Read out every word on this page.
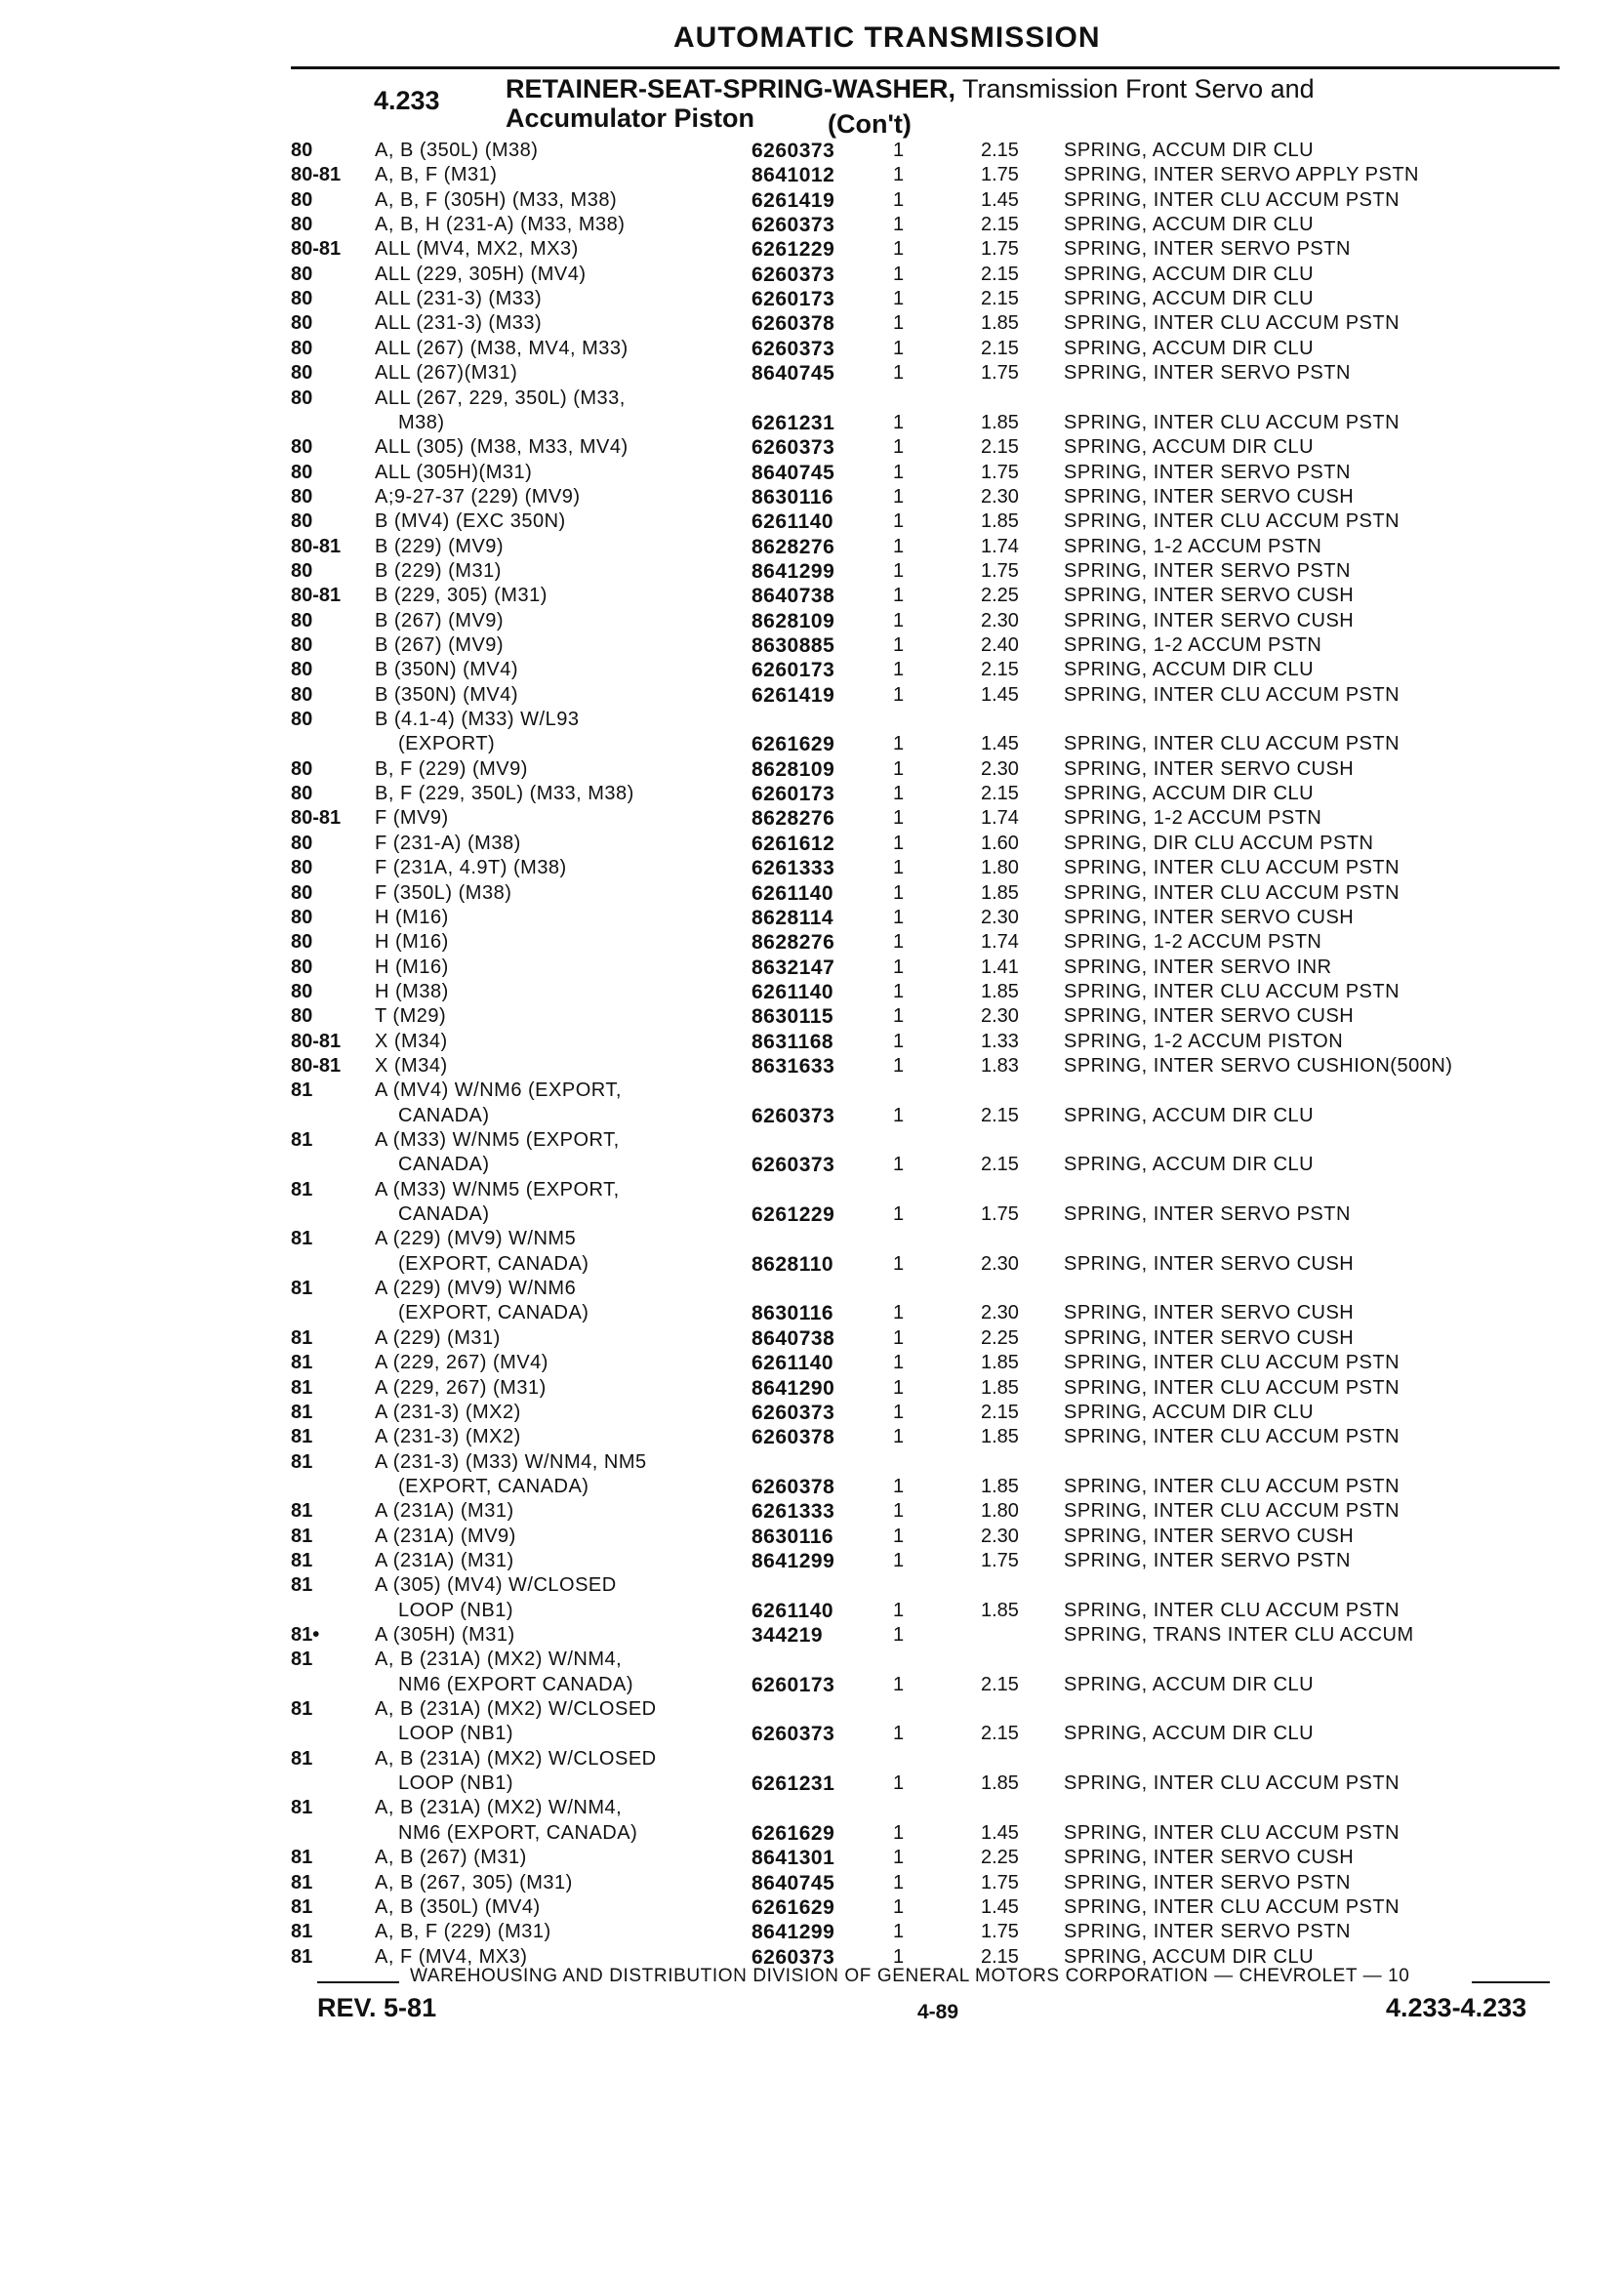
AUTOMATIC TRANSMISSION
4.233 RETAINER-SEAT-SPRING-WASHER, Transmission Front Servo and
Accumulator Piston	(Con't)
80	A, B (350L) (M38)	6260373	1	2.15	SPRING, ACCUM DIR CLU
80-81	A, B, F (M31)	8641012	1	1.75	SPRING, INTER SERVO APPLY PSTN
80	A, B, F (305H) (M33, M38)	6261419	1	1.45	SPRING, INTER CLU ACCUM PSTN
80	A, B, H (231-A) (M33, M38)	6260373	1	2.15	SPRING, ACCUM DIR CLU
80-81	ALL (MV4, MX2, MX3)	6261229	1	1.75	SPRING, INTER SERVO PSTN
80	ALL (229, 305H) (MV4)	6260373	1	2.15	SPRING, ACCUM DIR CLU
80	ALL (231-3) (M33)	6260173	1	2.15	SPRING, ACCUM DIR CLU
80	ALL (231-3) (M33)	6260378	1	1.85	SPRING, INTER CLU ACCUM PSTN
80	ALL (267) (M38, MV4, M33)	6260373	1	2.15	SPRING, ACCUM DIR CLU
80	ALL (267)(M31)	8640745	1	1.75	SPRING, INTER SERVO PSTN
80	ALL (267, 229, 350L) (M33,
M38)	6261231	1	1.85	SPRING, INTER CLU ACCUM PSTN
80	ALL (305) (M38, M33, MV4)	6260373	1	2.15	SPRING, ACCUM DIR CLU
80	ALL (305H)(M31)	8640745	1	1.75	SPRING, INTER SERVO PSTN
80	A;9-27-37 (229) (MV9)	8630116	1	2.30	SPRING, INTER SERVO CUSH
80	B (MV4) (EXC 350N)	6261140	1	1.85	SPRING, INTER CLU ACCUM PSTN
80-81	B (229) (MV9)	8628276	1	1.74	SPRING, 1-2 ACCUM PSTN
80	B (229) (M31)	8641299	1	1.75	SPRING, INTER SERVO PSTN
80-81	B (229, 305) (M31)	8640738	1	2.25	SPRING, INTER SERVO CUSH
80	B (267) (MV9)	8628109	1	2.30	SPRING, INTER SERVO CUSH
80	B (267) (MV9)	8630885	1	2.40	SPRING, 1-2 ACCUM PSTN
80	B (350N) (MV4)	6260173	1	2.15	SPRING, ACCUM DIR CLU
80	B (350N) (MV4)	6261419	1	1.45	SPRING, INTER CLU ACCUM PSTN
80	B (4.1-4) (M33) W/L93
(EXPORT)	6261629	1	1.45	SPRING, INTER CLU ACCUM PSTN
80	B, F (229) (MV9)	8628109	1	2.30	SPRING, INTER SERVO CUSH
80	B, F (229, 350L) (M33, M38)	6260173	1	2.15	SPRING, ACCUM DIR CLU
80-81	F (MV9)	8628276	1	1.74	SPRING, 1-2 ACCUM PSTN
80	F (231-A) (M38)	6261612	1	1.60	SPRING, DIR CLU ACCUM PSTN
80	F (231A, 4.9T) (M38)	6261333	1	1.80	SPRING, INTER CLU ACCUM PSTN
80	F (350L) (M38)	6261140	1	1.85	SPRING, INTER CLU ACCUM PSTN
80	H (M16)	8628114	1	2.30	SPRING, INTER SERVO CUSH
80	H (M16)	8628276	1	1.74	SPRING, 1-2 ACCUM PSTN
80	H (M16)	8632147	1	1.41	SPRING, INTER SERVO INR
80	H (M38)	6261140	1	1.85	SPRING, INTER CLU ACCUM PSTN
80	T (M29)	8630115	1	2.30	SPRING, INTER SERVO CUSH
80-81	X (M34)	8631168	1	1.33	SPRING, 1-2 ACCUM PISTON
80-81	X (M34)	8631633	1	1.83	SPRING, INTER SERVO CUSHION(500N)
81	A (MV4) W/NM6 (EXPORT,
CANADA)	6260373	1	2.15	SPRING, ACCUM DIR CLU
81	A (M33) W/NM5 (EXPORT,
CANADA)	6260373	1	2.15	SPRING, ACCUM DIR CLU
81	A (M33) W/NM5 (EXPORT,
CANADA)	6261229	1	1.75	SPRING, INTER SERVO PSTN
81	A (229) (MV9) W/NM5
(EXPORT, CANADA)	8628110	1	2.30	SPRING, INTER SERVO CUSH
81	A (229) (MV9) W/NM6
(EXPORT, CANADA)	8630116	1	2.30	SPRING, INTER SERVO CUSH
81	A (229) (M31)	8640738	1	2.25	SPRING, INTER SERVO CUSH
81	A (229, 267) (MV4)	6261140	1	1.85	SPRING, INTER CLU ACCUM PSTN
81	A (229, 267) (M31)	8641290	1	1.85	SPRING, INTER CLU ACCUM PSTN
81	A (231-3) (MX2)	6260373	1	2.15	SPRING, ACCUM DIR CLU
81	A (231-3) (MX2)	6260378	1	1.85	SPRING, INTER CLU ACCUM PSTN
81	A (231-3) (M33) W/NM4, NM5
(EXPORT, CANADA)	6260378	1	1.85	SPRING, INTER CLU ACCUM PSTN
81	A (231A) (M31)	6261333	1	1.80	SPRING, INTER CLU ACCUM PSTN
81	A (231A) (MV9)	8630116	1	2.30	SPRING, INTER SERVO CUSH
81	A (231A) (M31)	8641299	1	1.75	SPRING, INTER SERVO PSTN
81	A (305) (MV4) W/CLOSED
LOOP (NB1)	6261140	1	1.85	SPRING, INTER CLU ACCUM PSTN
81•	A (305H) (M31)	344219	1	SPRING, TRANS INTER CLU ACCUM
81	A, B (231A) (MX2) W/NM4,
NM6 (EXPORT CANADA)	6260173	1	2.15	SPRING, ACCUM DIR CLU
81	A, B (231A) (MX2) W/CLOSED
LOOP (NB1)	6260373	1	2.15	SPRING, ACCUM DIR CLU
81	A, B (231A) (MX2) W/CLOSED
LOOP (NB1)	6261231	1	1.85	SPRING, INTER CLU ACCUM PSTN
81	A, B (231A) (MX2) W/NM4,
NM6 (EXPORT, CANADA)	6261629	1	1.45	SPRING, INTER CLU ACCUM PSTN
81	A, B (267) (M31)	8641301	1	2.25	SPRING, INTER SERVO CUSH
81	A, B (267, 305) (M31)	8640745	1	1.75	SPRING, INTER SERVO PSTN
81	A, B (350L) (MV4)	6261629	1	1.45	SPRING, INTER CLU ACCUM PSTN
81	A, B, F (229) (M31)	8641299	1	1.75	SPRING, INTER SERVO PSTN
81	A, F (MV4, MX3)	6260373	1	2.15	SPRING, ACCUM DIR CLU
WAREHOUSING AND DISTRIBUTION DIVISION OF GENERAL MOTORS CORPORATION — CHEVROLET — 10
REV. 5-81	4-89	4.233-4.233
